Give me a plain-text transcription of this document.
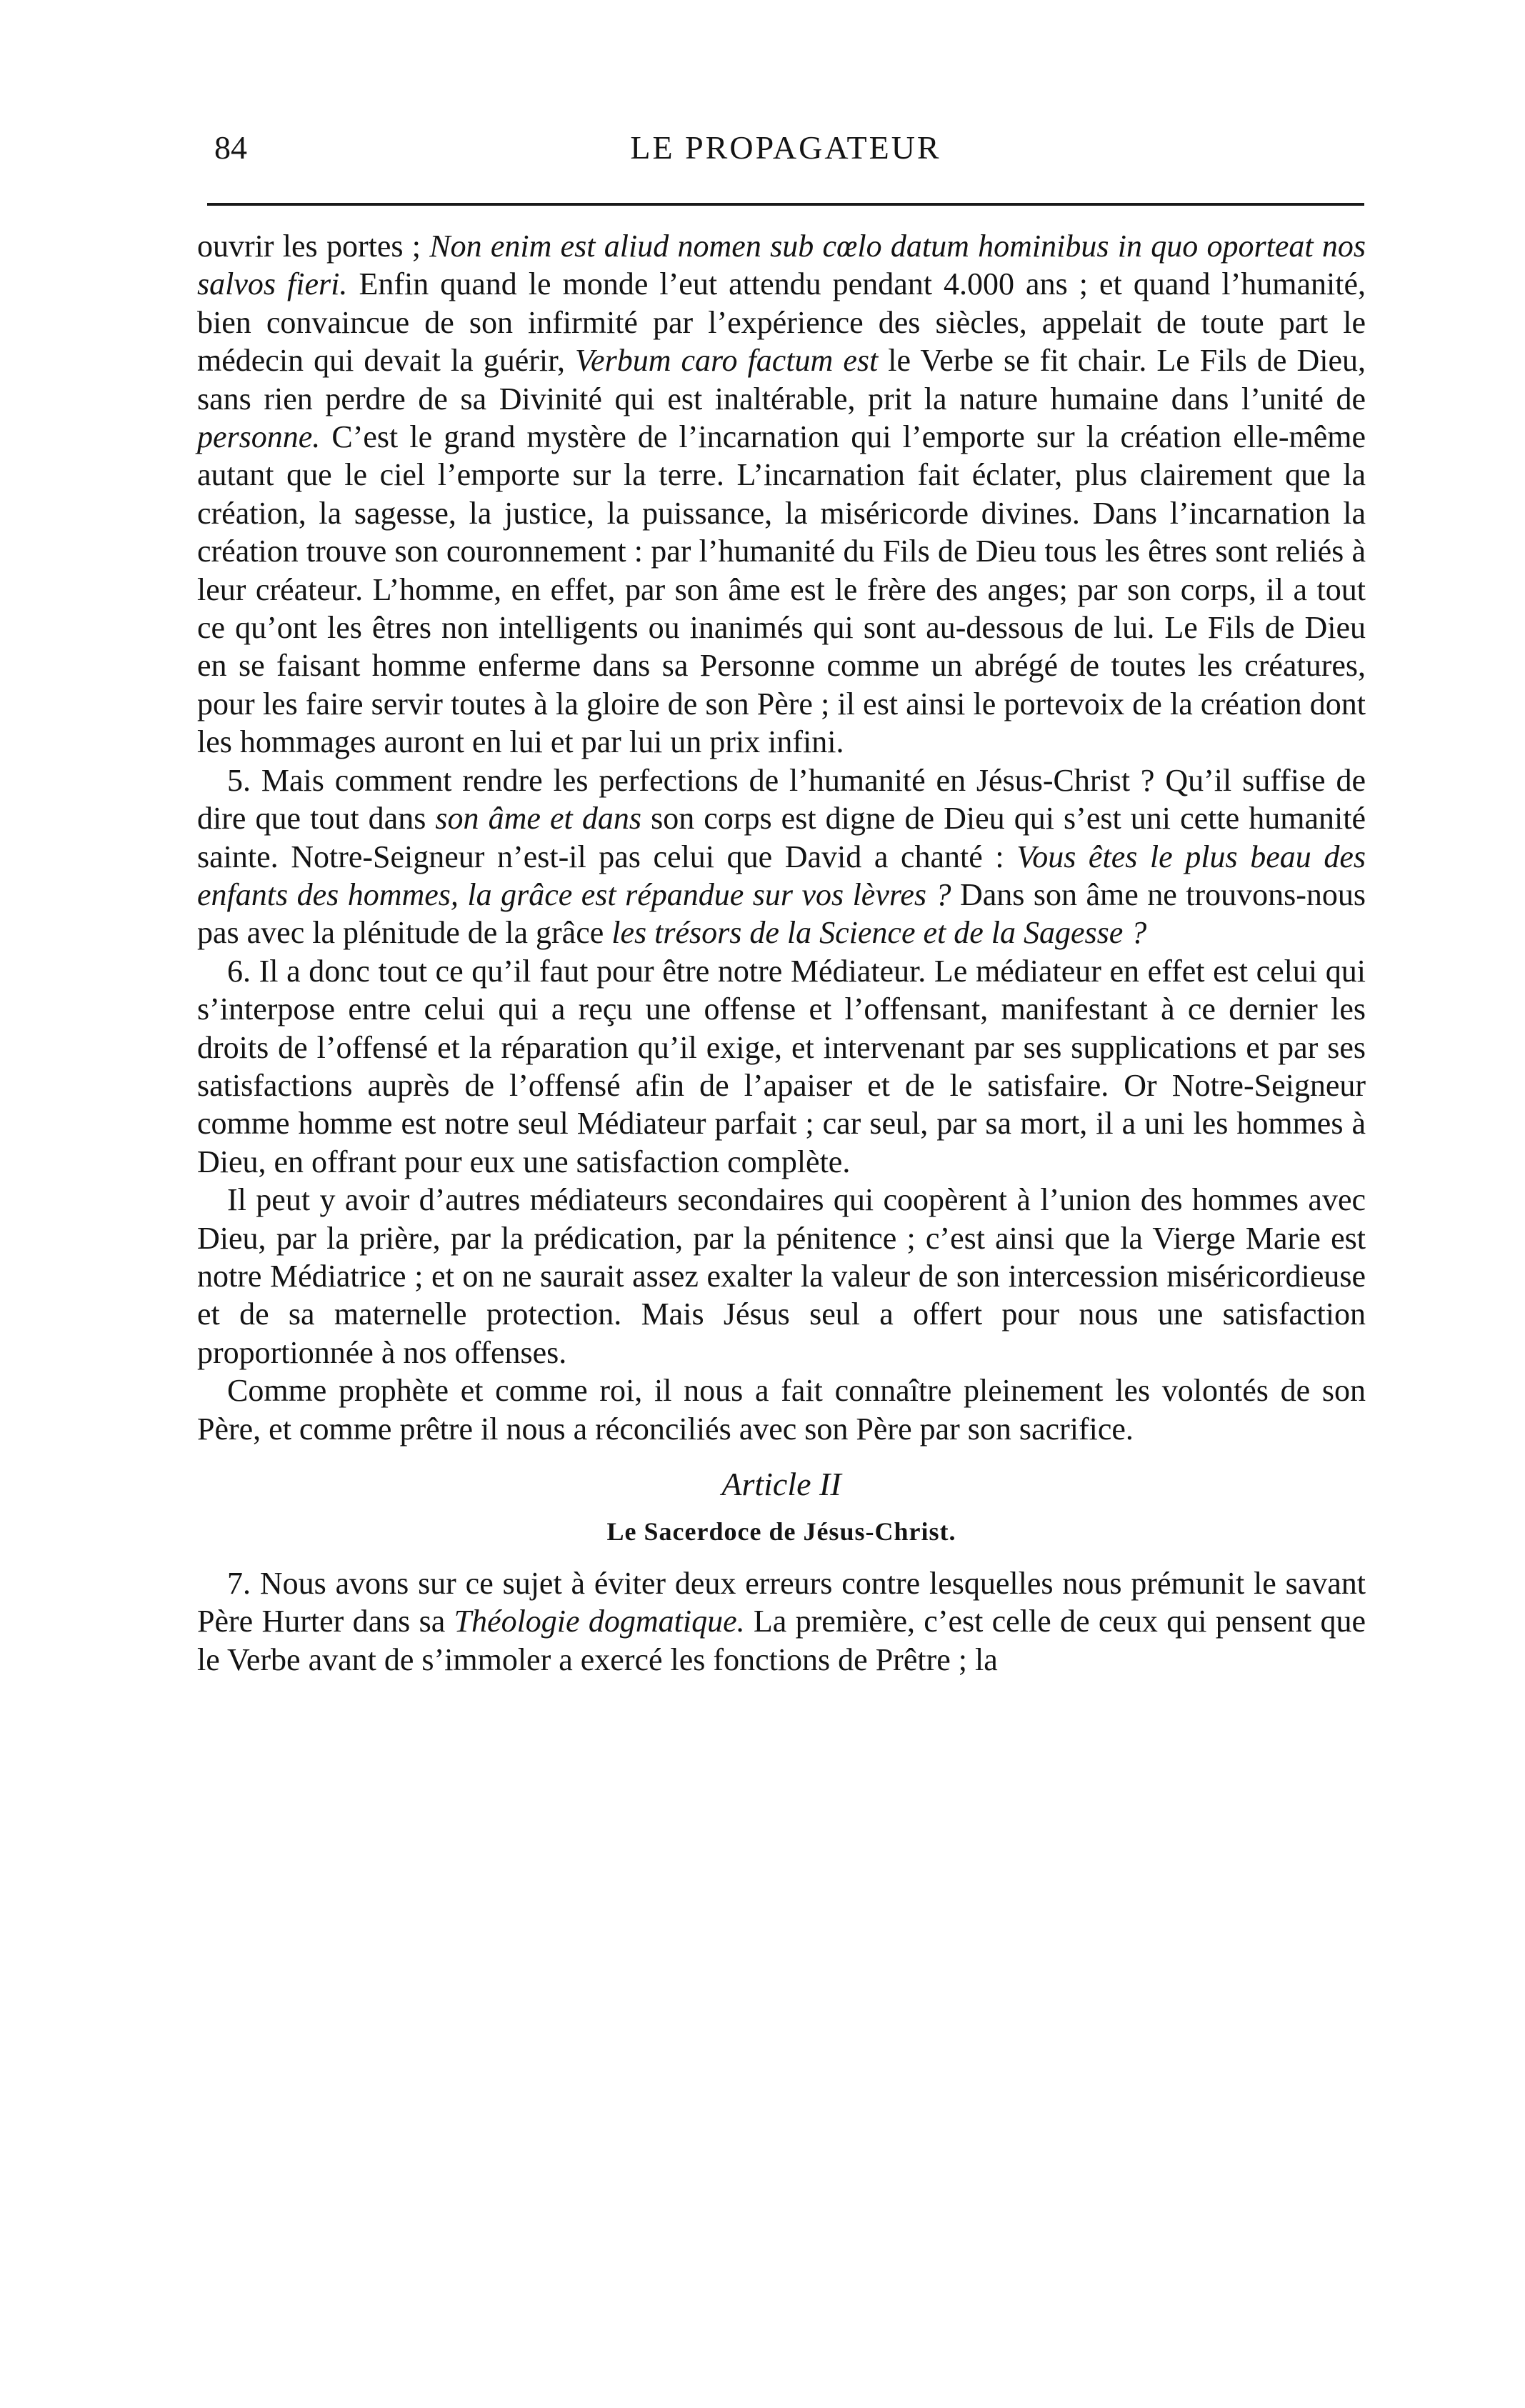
84	LE PROPAGATEUR

ouvrir les portes ; Non enim est aliud nomen sub cœlo datum hominibus in quo oporteat nos salvos fieri. Enfin quand le monde l’eut attendu pendant 4.000 ans ; et quand l’humanité, bien convaincue de son infirmité par l’expérience des siècles, appelait de toute part le médecin qui devait la guérir, Verbum caro factum est le Verbe se fit chair. Le Fils de Dieu, sans rien perdre de sa Divinité qui est inaltérable, prit la nature humaine dans l’unité de personne. C’est le grand mystère de l’incarnation qui l’emporte sur la création elle-même autant que le ciel l’emporte sur la terre. L’incarnation fait éclater, plus clairement que la création, la sagesse, la justice, la puissance, la miséricorde divines. Dans l’incarnation la création trouve son couronnement : par l’humanité du Fils de Dieu tous les êtres sont reliés à leur créateur. L’homme, en effet, par son âme est le frère des anges; par son corps, il a tout ce qu’ont les êtres non intelligents ou inanimés qui sont au-dessous de lui. Le Fils de Dieu en se faisant homme enferme dans sa Personne comme un abrégé de toutes les créatures, pour les faire servir toutes à la gloire de son Père ; il est ainsi le portevoix de la création dont les hommages auront en lui et par lui un prix infini.

5. Mais comment rendre les perfections de l’humanité en Jésus-Christ ? Qu’il suffise de dire que tout dans son âme et dans son corps est digne de Dieu qui s’est uni cette humanité sainte. Notre-Seigneur n’est-il pas celui que David a chanté : Vous êtes le plus beau des enfants des hommes, la grâce est répandue sur vos lèvres ? Dans son âme ne trouvons-nous pas avec la plénitude de la grâce les trésors de la Science et de la Sagesse ?

6. Il a donc tout ce qu’il faut pour être notre Médiateur. Le médiateur en effet est celui qui s’interpose entre celui qui a reçu une offense et l’offensant, manifestant à ce dernier les droits de l’offensé et la réparation qu’il exige, et intervenant par ses supplications et par ses satisfactions auprès de l’offensé afin de l’apaiser et de le satisfaire. Or Notre-Seigneur comme homme est notre seul Médiateur parfait ; car seul, par sa mort, il a uni les hommes à Dieu, en offrant pour eux une satisfaction complète.

Il peut y avoir d’autres médiateurs secondaires qui coopèrent à l’union des hommes avec Dieu, par la prière, par la prédication, par la pénitence ; c’est ainsi que la Vierge Marie est notre Médiatrice ; et on ne saurait assez exalter la valeur de son intercession miséricordieuse et de sa maternelle protection. Mais Jésus seul a offert pour nous une satisfaction proportionnée à nos offenses.

Comme prophète et comme roi, il nous a fait connaître pleinement les volontés de son Père, et comme prêtre il nous a réconciliés avec son Père par son sacrifice.

Article II

Le Sacerdoce de Jésus-Christ.

7. Nous avons sur ce sujet à éviter deux erreurs contre lesquelles nous prémunit le savant Père Hurter dans sa Théologie dogmatique. La première, c’est celle de ceux qui pensent que le Verbe avant de s’immoler a exercé les fonctions de Prêtre ; la
